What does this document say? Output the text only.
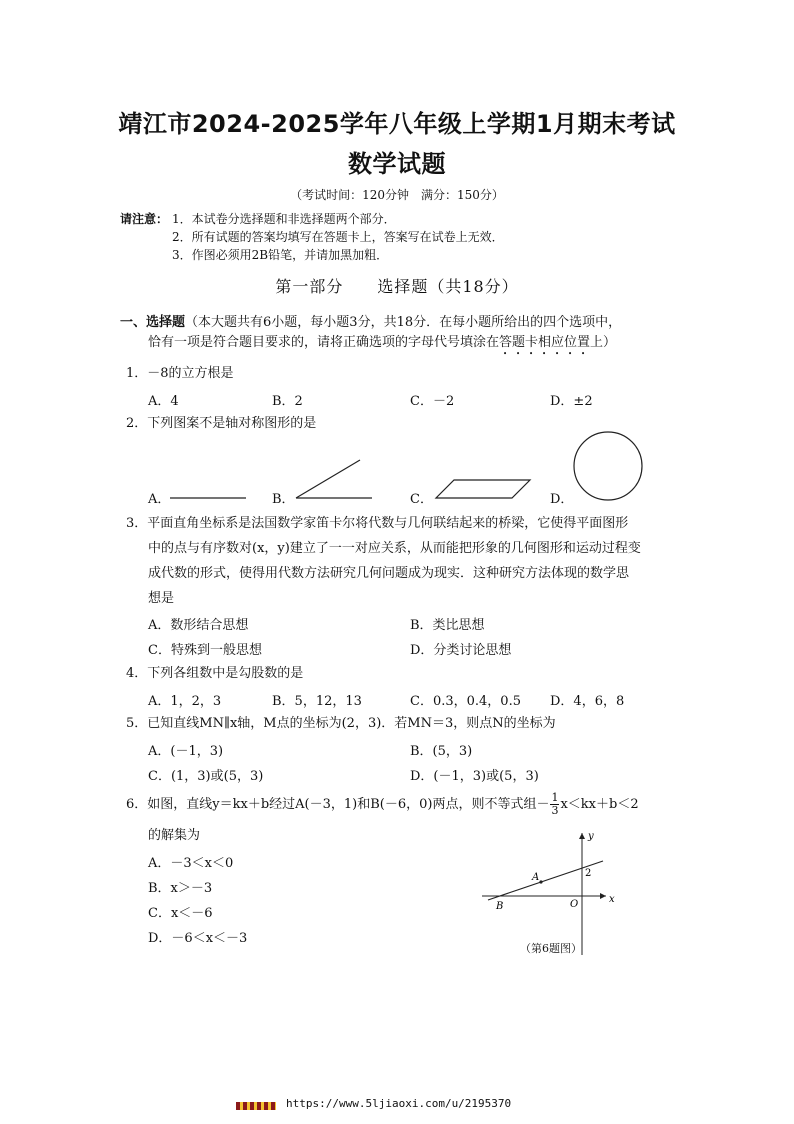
靖江市2024-2025学年八年级上学期1月期末考试
数学试题
（考试时间：120分钟　满分：150分）
请注意： 1．本试卷分选择题和非选择题两个部分．
2．所有试题的答案均填写在答题卡上，答案写在试卷上无效．
3．作图必须用2B铅笔，并请加黑加粗．
第一部分　　选择题（共18分）
一、选择题（本大题共有6小题，每小题3分，共18分．在每小题所给出的四个选项中，
恰有一项是符合题目要求的，请将正确选项的字母代号填涂在答题卡相应位置上）
1．－8的立方根是
A．4	B．2	C．－2	D．±2
2．下列图案不是轴对称图形的是
A．	B．	C．	D．
3．平面直角坐标系是法国数学家笛卡尔将代数与几何联结起来的桥梁，它使得平面图形
中的点与有序数对(x，y)建立了一一对应关系，从而能把形象的几何图形和运动过程变
成代数的形式，使得用代数方法研究几何问题成为现实．这种研究方法体现的数学思
想是
A．数形结合思想	B．类比思想
C．特殊到一般思想	D．分类讨论思想
4．下列各组数中是勾股数的是
A．1，2，3	B．5，12，13	C．0.3，0.4，0.5 D．4，6，8
5．已知直线MN∥x轴，M点的坐标为(2，3)．若MN＝3，则点N的坐标为
A．(－1，3)	B．(5，3)
C．(1，3)或(5，3)	D．(－1，3)或(5，3)
6．如图，直线y＝kx＋b经过A(－3，1)和B(－6，0)两点，则不等式组－ $\frac{1}{3} x<kx+b<2$
的解集为
A．－3＜x＜0
B．x＞－3
C．x＜－6
D．－6＜x＜－3
y
x
O
A
B
2
（第6题图）
https://www.5ljiaoxi.com/u/2195370
